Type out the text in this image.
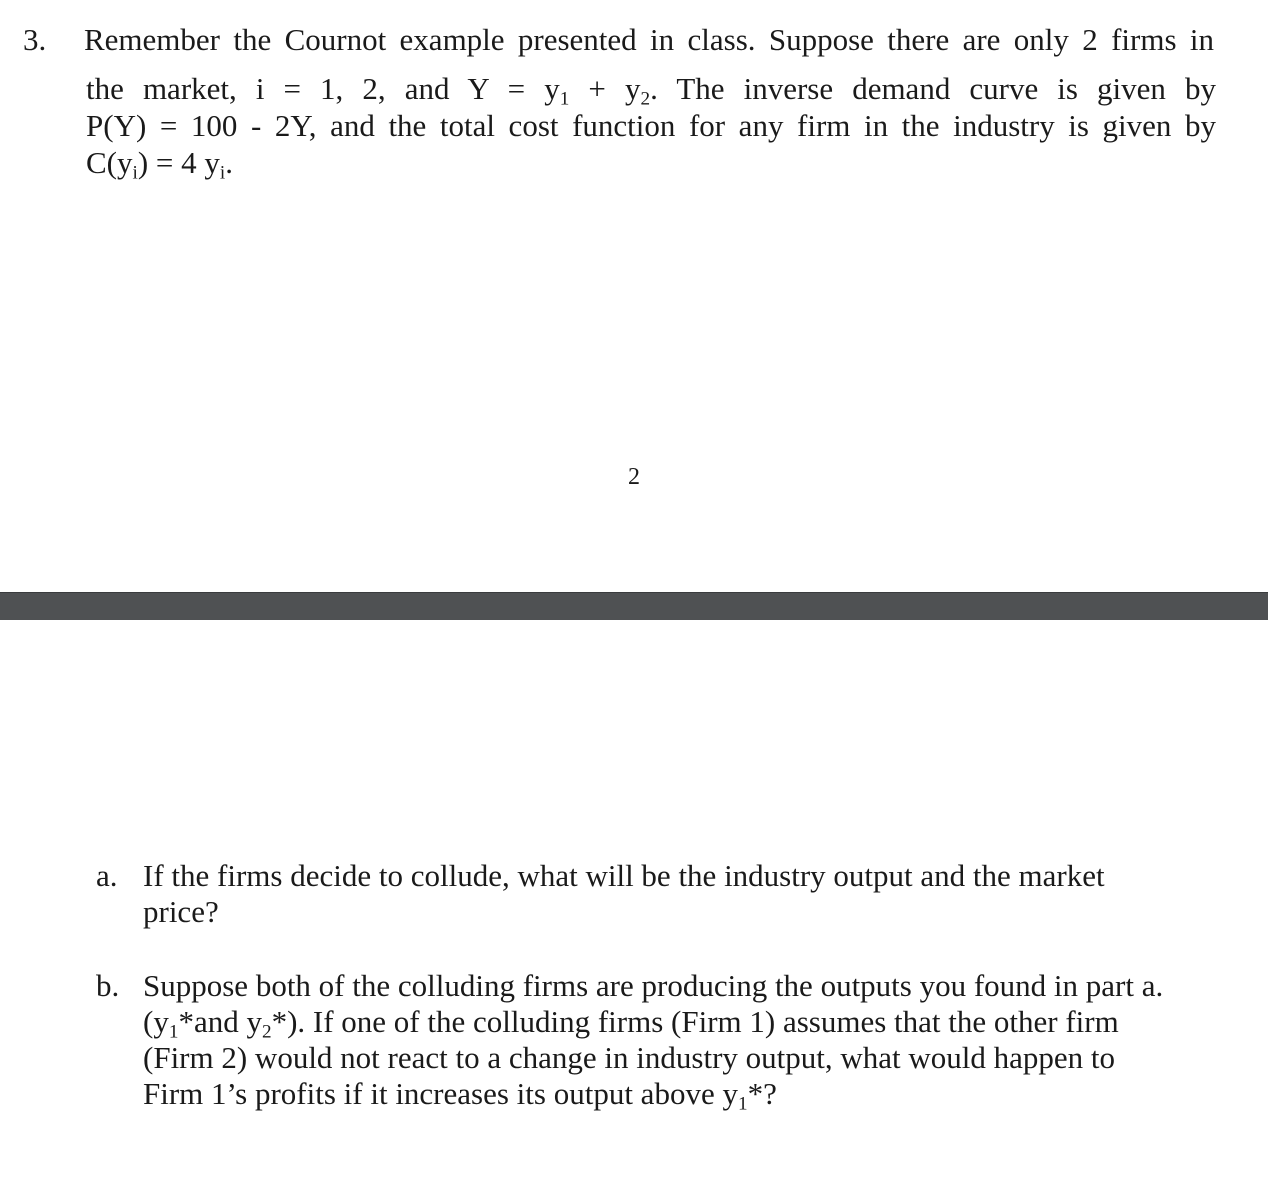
3. Remember the Cournot example presented in class. Suppose there are only 2 firms in
the market, i = 1, 2, and $Y = y_1 + y_2$. The inverse demand curve is given by
P(Y) = 100 - 2Y, and the total cost function for any firm in the industry is given by
$C(y_i) = 4$ $y_i$.
2
a. If the firms decide to collude, what will be the industry output and the market
price?
b. Suppose both of the colluding firms are producing the outputs you found in part a.
($y_1*and$ $y_2*$). If one of the colluding firms (Firm 1) assumes that the other firm
(Firm 2) would not react to a change in industry output, what would happen to
Firm 1’s profits if it increases its output above $y_1*$?
